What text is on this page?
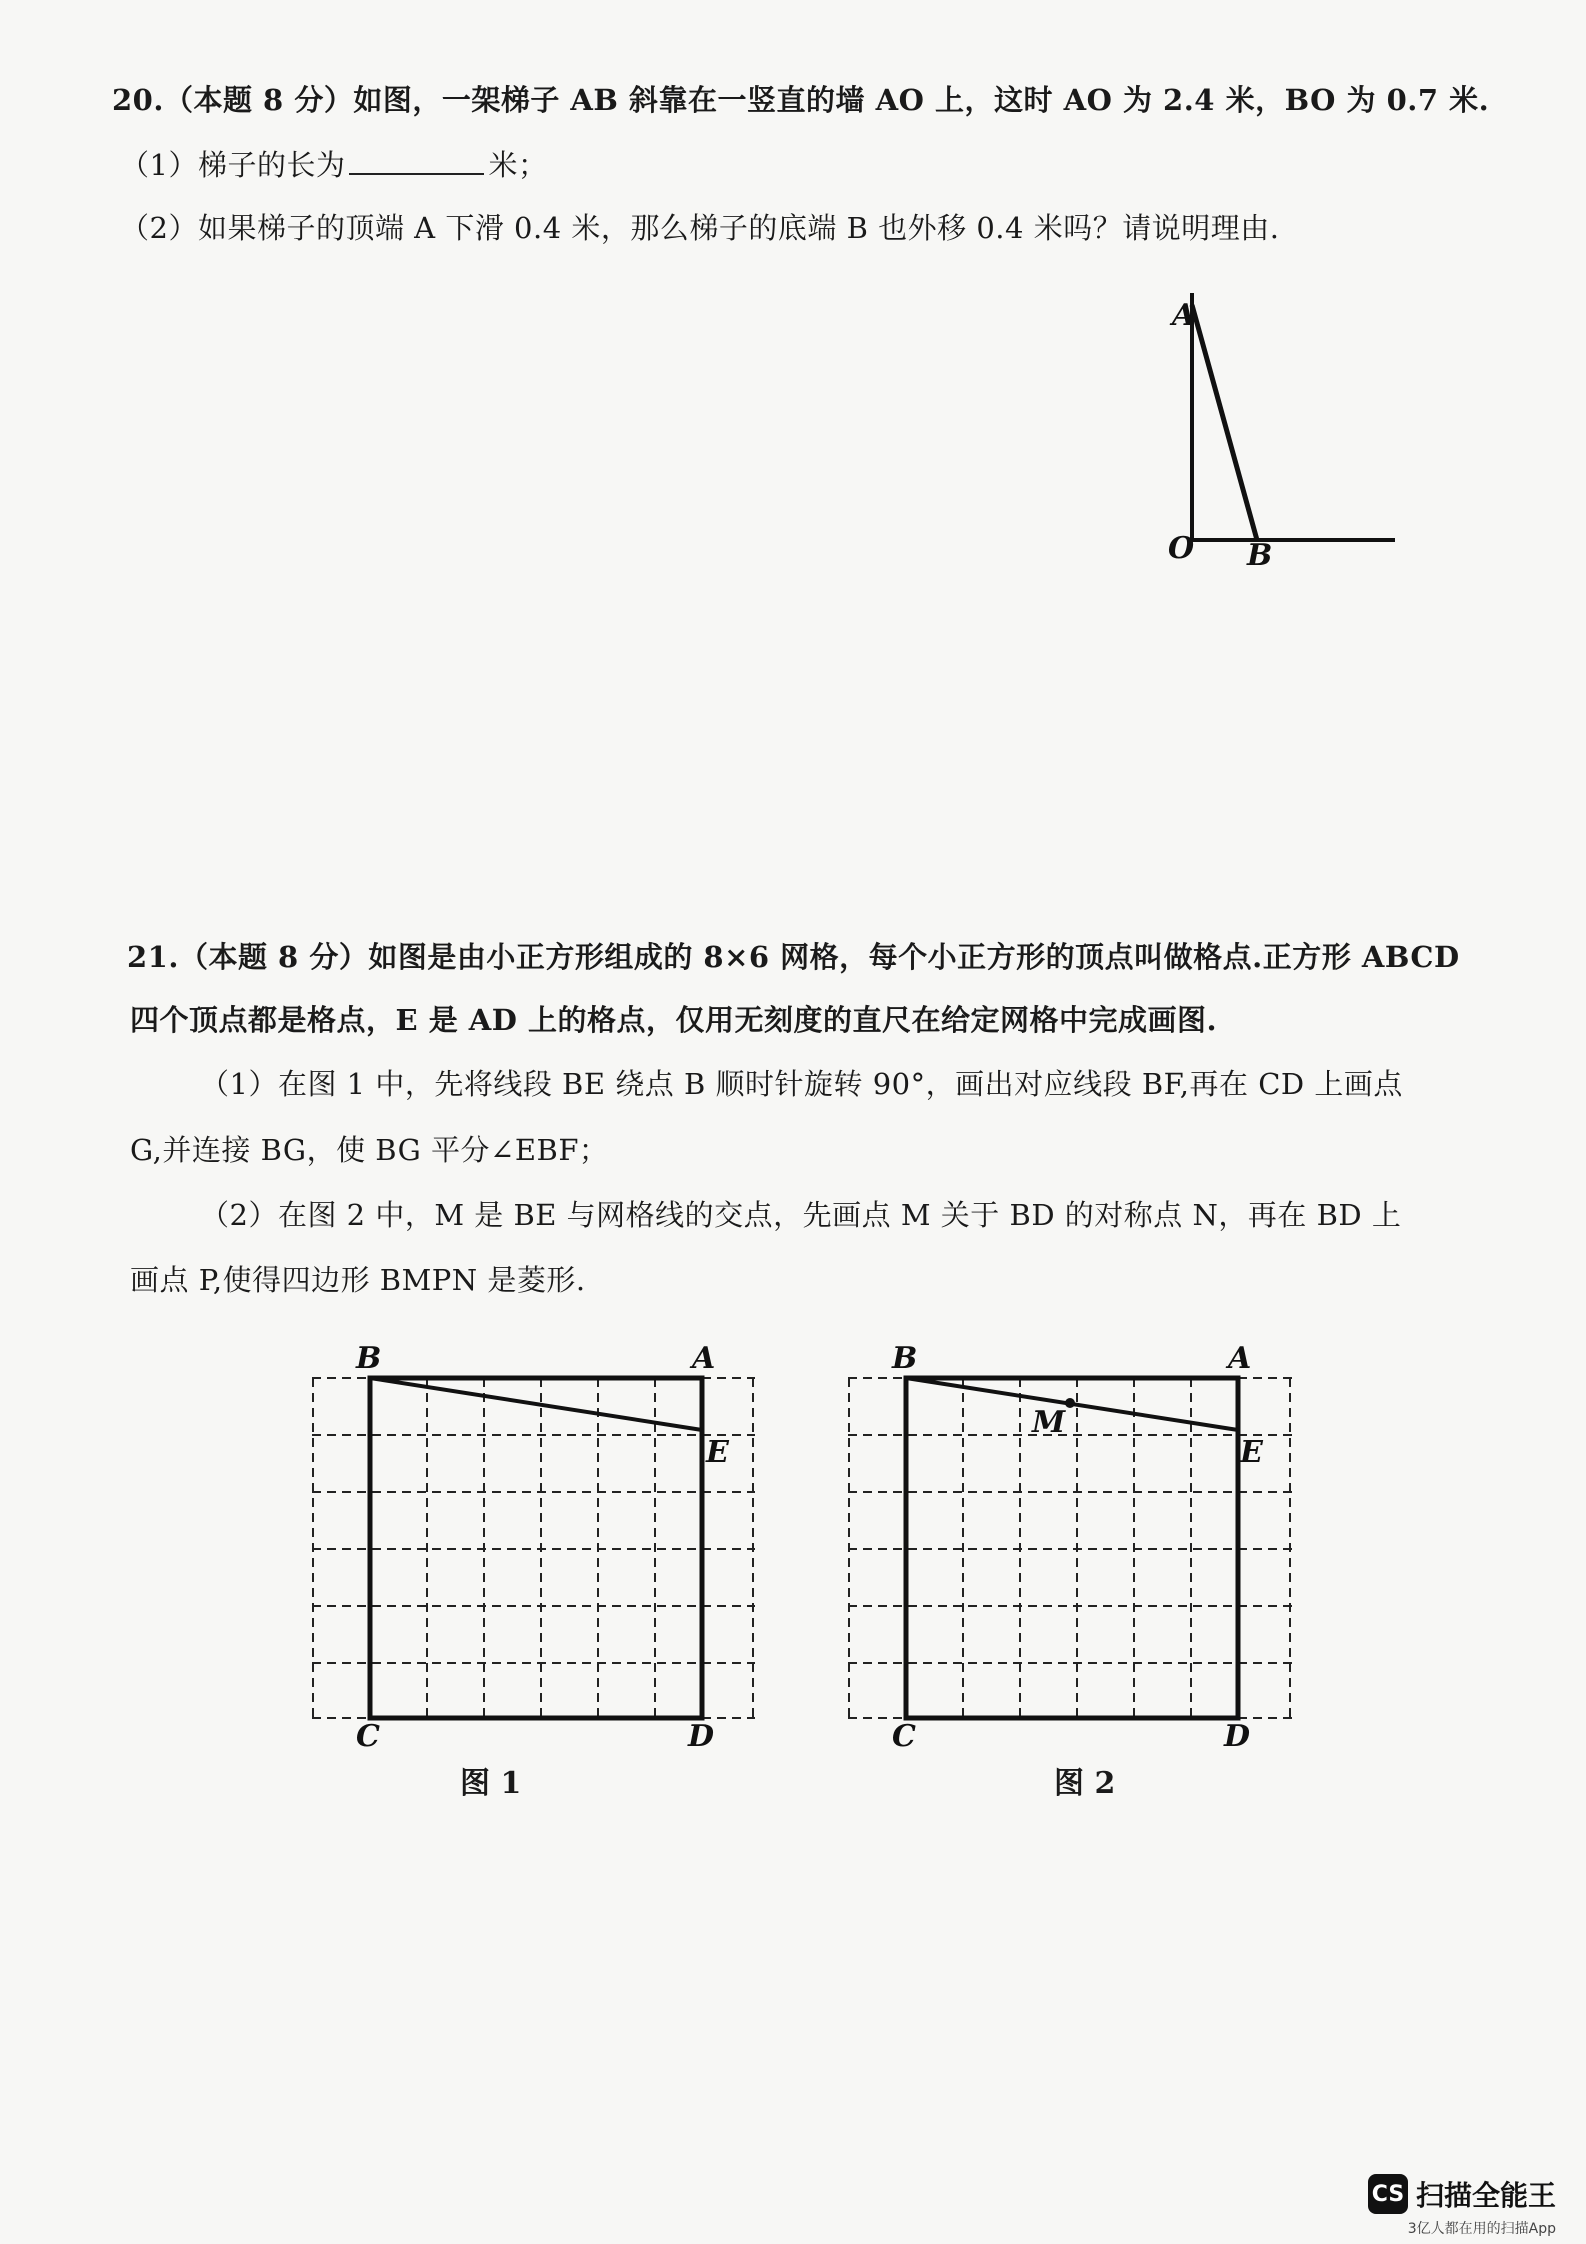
20.（本题 8 分）如图，一架梯子 AB 斜靠在一竖直的墙 AO 上，这时 AO 为 2.4 米，BO 为 0.7 米.
（1）梯子的长为	米；
（2）如果梯子的顶端 A 下滑 0.4 米，那么梯子的底端 B 也外移 0.4 米吗？请说明理由.
A
O B
21.（本题 8 分）如图是由小正方形组成的 8×6 网格，每个小正方形的顶点叫做格点.正方形 ABCD
四个顶点都是格点，E 是 AD 上的格点，仅用无刻度的直尺在给定网格中完成画图.
（1）在图 1 中，先将线段 BE 绕点 B 顺时针旋转 90°，画出对应线段 BF,再在 CD 上画点
G,并连接 BG，使 BG 平分∠EBF；
（2）在图 2 中，M 是 BE 与网格线的交点，先画点 M 关于 BD 的对称点 N，再在 BD 上
画点 P,使得四边形 BMPN 是菱形.
B	A
E
C	D
B	A
E
M
C	D
图 1	图 2
CS 扫描全能王
3亿人都在用的扫描App
